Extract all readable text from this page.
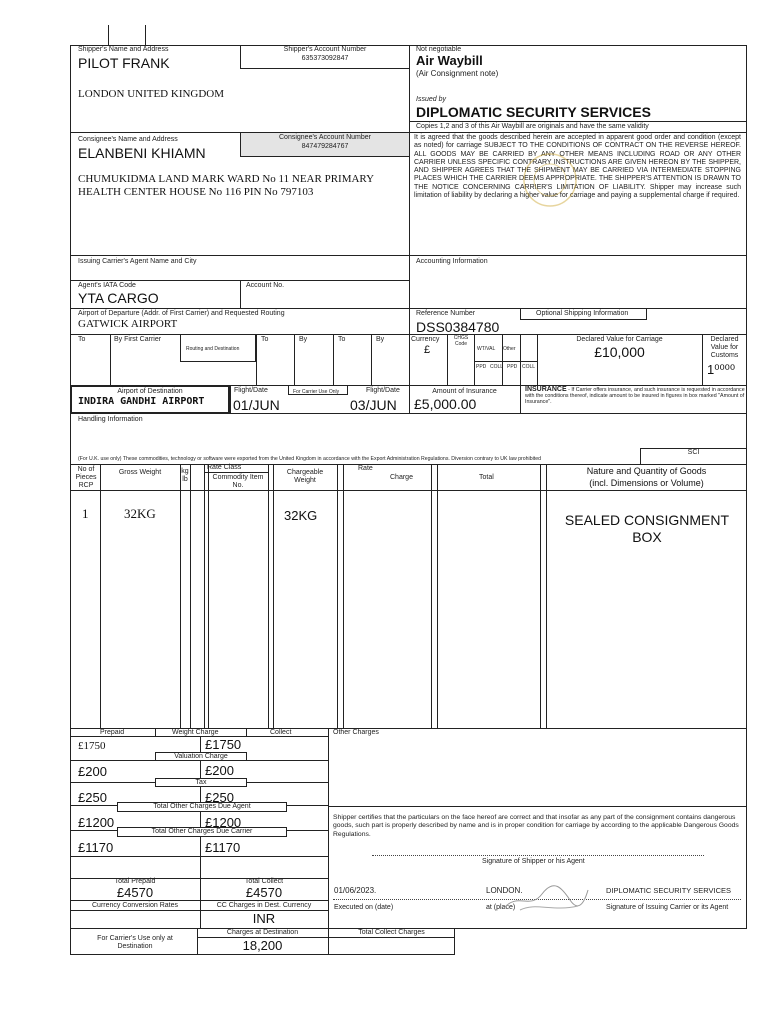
Shipper's Name and Address
PILOT FRANK
LONDON UNITED KINGDOM
Shipper's Account Number
635373092847
Consignee's Name and Address
ELANBENI KHIAMN
CHUMUKIDMA LAND MARK WARD No 11 NEAR PRIMARY HEALTH CENTER HOUSE No 116 PIN No 797103
Consignee's Account Number
847479284767
Not negotiable
Air Waybill
(Air Consignment note)
Issued by
DIPLOMATIC SECURITY SERVICES
Copies 1,2 and 3 of this Air Waybill are originals and have the same validity
It is agreed that the goods described herein are accepted in apparent good order and condition (except as noted) for carriage SUBJECT TO THE CONDITIONS OF CONTRACT ON THE REVERSE HEREOF. ALL GOODS MAY BE CARRIED BY ANY OTHER MEANS INCLUDING ROAD OR ANY OTHER CARRIER UNLESS SPECIFIC CONTRARY INSTRUCTIONS ARE GIVEN HEREON BY THE SHIPPER, AND SHIPPER AGREES THAT THE SHIPMENT MAY BE CARRIED VIA INTERMEDIATE STOPPING PLACES WHICH THE CARRIER DEEMS APPROPRIATE. THE SHIPPER'S ATTENTION IS DRAWN TO THE NOTICE CONCERNING CARRIER'S LIMITATION OF LIABILITY. Shipper may increase such limitation of liability by declaring a higher value for carriage and paying a supplemental charge if required.
Issuing Carrier's Agent Name and City	Accounting Information
Agent's IATA Code
YTA CARGO
Account No.
Airport of Departure (Addr. of First Carrier) and Requested Routing
GATWICK AIRPORT
Reference Number
DSS0384780
Optional Shipping Information
To	By First Carrier
Routing and Destination
To	By	To	By	Currency
£
CHGS Code
WT/VAL Other
PPD COLL PPD COLL
Declared Value for Carriage
£10,000
Declared Value for Customs
1⁰⁰⁰⁰
Airport of Destination
INDIRA GANDHI AIRPORT
Flight/Date	For Carrier Use Only	Flight/Date
01/JUN	03/JUN
Amount of Insurance
£5,000.00
INSURANCE - If Carrier offers insurance, and such insurance is requested in accordance with the conditions thereof, indicate amount to be insured in figures in box marked "Amount of Insurance".
Handling Information
(For U.K. use only) These commodities, technology or software were exported from the United Kingdom in accordance with the Export Administration Regulations. Diversion contrary to UK law prohibited
SCI
No of Pieces RCP
Gross Weight	kg lb
Rate Class
Commodity Item No.
Chargeable Weight
Rate
Charge	Total
Nature and Quantity of Goods
(incl. Dimensions or Volume)
1	32KG	32KG	SEALED CONSIGNMENT BOX
Prepaid	Weight Charge	Collect	Other Charges
Valuation Charge
Tax
Total Other Charges Due Agent
Total Other Charges Due Carrier
£1750	£1750
£200	£200
£250	£250
£1200	£1200
£1170	£1170
Total Prepaid	Total Collect
£4570	£4570
Currency Conversion Rates	CC Charges in Dest. Currency
INR
For Carrier's Use only at Destination
Charges at Destination
18,200
Total Collect Charges
Shipper certifies that the particulars on the face hereof are correct and that insofar as any part of the consignment contains dangerous goods, such part is properly described by name and is in proper condition for carriage by according to the applicable Dangerous Goods Regulations.
Signature of Shipper or his Agent
01/06/2023.	LONDON.	DIPLOMATIC SECURITY SERVICES
Executed on (date)	at (place)	Signature of Issuing Carrier or its Agent
